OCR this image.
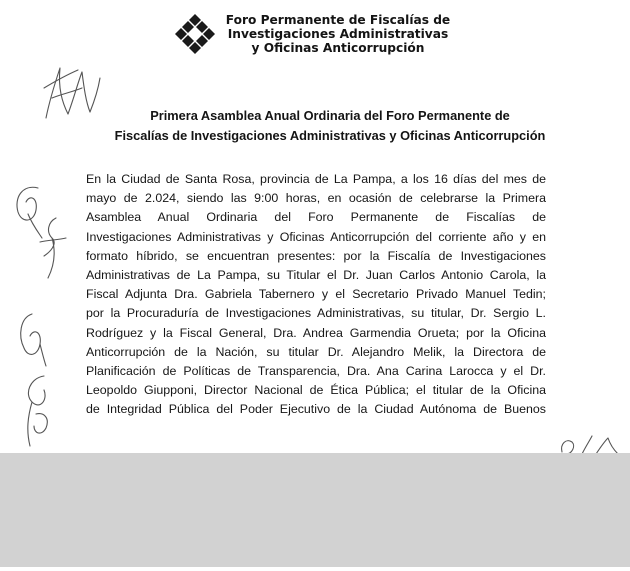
Foro Permanente de Fiscalías de
Investigaciones Administrativas
y Oficinas Anticorrupción
Primera Asamblea Anual Ordinaria del Foro Permanente de
Fiscalías de Investigaciones Administrativas y Oficinas Anticorrupción
En la Ciudad de Santa Rosa, provincia de La Pampa, a los 16 días del mes de
mayo de 2.024, siendo las 9:00 horas, en ocasión de celebrarse la Primera
Asamblea Anual Ordinaria del Foro Permanente de Fiscalías de
Investigaciones Administrativas y Oficinas Anticorrupción del corriente año y en
formato híbrido, se encuentran presentes: por la Fiscalía de Investigaciones
Administrativas de La Pampa, su Titular el Dr. Juan Carlos Antonio Carola, la
Fiscal Adjunta Dra. Gabriela Tabernero y el Secretario Privado Manuel Tedin;
por la Procuraduría de Investigaciones Administrativas, su titular, Dr. Sergio L.
Rodríguez y la Fiscal General, Dra. Andrea Garmendia Orueta; por la Oficina
Anticorrupción de la Nación, su titular Dr. Alejandro Melik, la Directora de
Planificación de Políticas de Transparencia, Dra. Ana Carina Larocca y el Dr.
Leopoldo Giupponi, Director Nacional de Ética Pública; el titular de la Oficina
de Integridad Pública del Poder Ejecutivo de la Ciudad Autónoma de Buenos
